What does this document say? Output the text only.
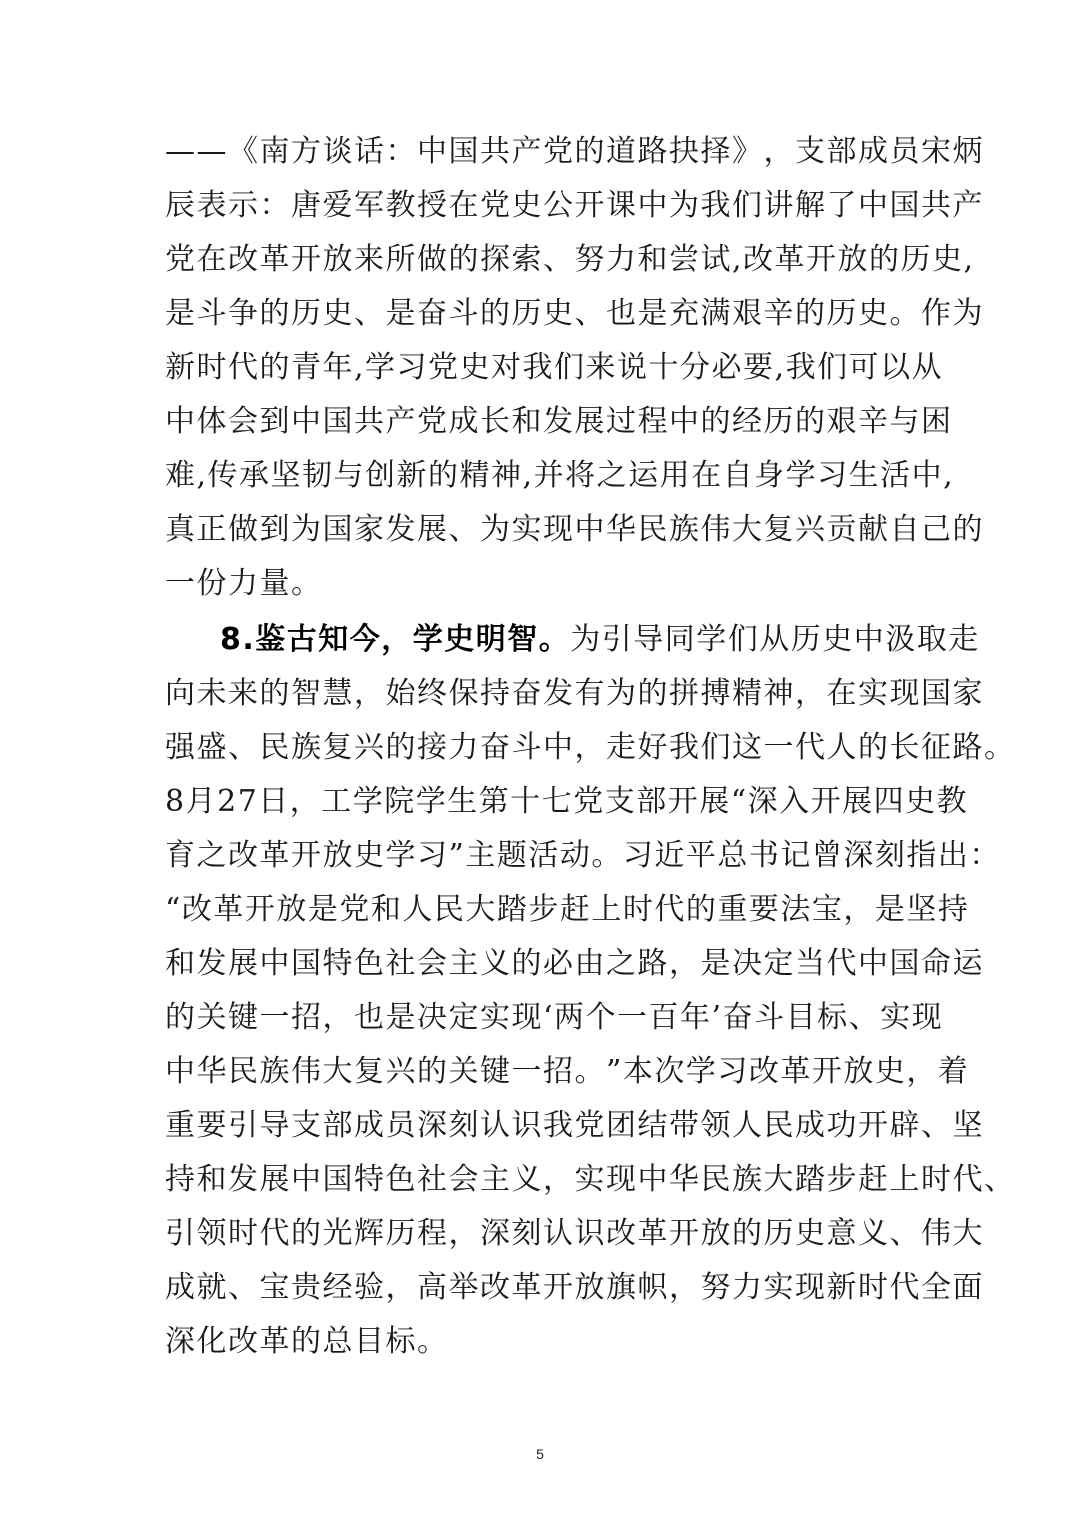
— — 《 南 方 谈 话 ： 中 国 共 产 党 的 道 路 抉 择 》 ， 支 部 成 员 宋 炳
辰 表 示 ： 唐 爱 军 教 授 在 党 史 公 开 课 中 为 我 们 讲 解 了 中 国 共 产
党 在 改 革 开 放 来 所 做 的 探 索 、 努 力 和 尝 试 , 改 革 开 放 的 历 史 ,
是 斗 争 的 历 史 、 是 奋 斗 的 历 史 、 也 是 充 满 艰 辛 的 历 史 。 作 为
新 时 代 的 青 年 , 学 习 党 史 对 我 们 来 说 十 分 必 要 , 我 们 可 以 从
中 体 会 到 中 国 共 产 党 成 长 和 发 展 过 程 中 的 经 历 的 艰 辛 与 困
难 , 传 承 坚 韧 与 创 新 的 精 神 , 并 将 之 运 用 在 自 身 学 习 生 活 中 ,
真 正 做 到 为 国 家 发 展 、 为 实 现 中 华 民 族 伟 大 复 兴 贡 献 自 己 的
一份力量。
8.鉴古知今，学史明智。为引导同学们从历史中汲取走
向 未 来 的 智 慧 ， 始 终 保 持 奋 发 有 为 的 拼 搏 精 神 ， 在 实 现 国 家
强 盛 、 民 族 复 兴 的 接 力 奋 斗 中 ， 走 好 我 们 这 一 代 人 的 长 征 路 。
8 月 2 7 日 ， 工 学 院 学 生 第 十 七 党 支 部 开 展 “ 深 入 开 展 四 史 教
育 之 改 革 开 放 史 学 习 ” 主 题 活 动 。 习 近 平 总 书 记 曾 深 刻 指 出 ：
“ 改 革 开 放 是 党 和 人 民 大 踏 步 赶 上 时 代 的 重 要 法 宝 ， 是 坚 持
和 发 展 中 国 特 色 社 会 主 义 的 必 由 之 路 ， 是 决 定 当 代 中 国 命 运
的 关 键 一 招 ， 也 是 决 定 实 现 ‘ 两 个 一 百 年 ’ 奋 斗 目 标 、 实 现
中 华 民 族 伟 大 复 兴 的 关 键 一 招 。 ” 本 次 学 习 改 革 开 放 史 ， 着
重 要 引 导 支 部 成 员 深 刻 认 识 我 党 团 结 带 领 人 民 成 功 开 辟 、 坚
持 和 发 展 中 国 特 色 社 会 主 义 ， 实 现 中 华 民 族 大 踏 步 赶 上 时 代 、
引 领 时 代 的 光 辉 历 程 ， 深 刻 认 识 改 革 开 放 的 历 史 意 义 、 伟 大
成 就 、 宝 贵 经 验 ， 高 举 改 革 开 放 旗 帜 ， 努 力 实 现 新 时 代 全 面
深化改革的总目标。
5
